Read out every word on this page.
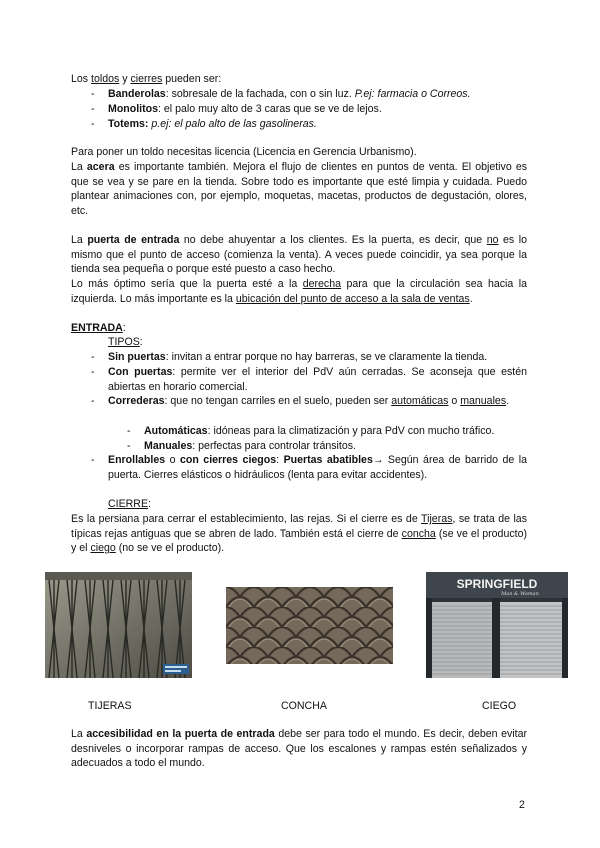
Los toldos y cierres pueden ser:

- Banderolas: sobresale de la fachada, con o sin luz. P.ej: farmacia o Correos.
- Monolitos: el palo muy alto de 3 caras que se ve de lejos.
- Totems: p.ej: el palo alto de las gasolineras.

Para poner un toldo necesitas licencia (Licencia en Gerencia Urbanismo).

La acera es importante también. Mejora el flujo de clientes en puntos de venta. El objetivo es que se vea y se pare en la tienda. Sobre todo es importante que esté limpia y cuidada. Puedo plantear animaciones con, por ejemplo, moquetas, macetas, productos de degustación, olores, etc.

La puerta de entrada no debe ahuyentar a los clientes. Es la puerta, es decir, que no es lo mismo que el punto de acceso (comienza la venta). A veces puede coincidir, ya sea porque la tienda sea pequeña o porque esté puesto a caso hecho.

Lo más óptimo sería que la puerta esté a la derecha para que la circulación sea hacia la izquierda. Lo más importante es la ubicación del punto de acceso a la sala de ventas.

ENTRADA:

TIPOS:

- Sin puertas: invitan a entrar porque no hay barreras, se ve claramente la tienda.
- Con puertas: permite ver el interior del PdV aún cerradas. Se aconseja que estén abiertas en horario comercial.
- Correderas: que no tengan carriles en el suelo, pueden ser automáticas o manuales.
- Automáticas: idóneas para la climatización y para PdV con mucho tráfico.
- Manuales: perfectas para controlar tránsitos.
- Enrollables o con cierres ciegos: Puertas abatibles→ Según área de barrido de la puerta. Cierres elásticos o hidráulicos (lenta para evitar accidentes).

CIERRE:

Es la persiana para cerrar el establecimiento, las rejas. Si el cierre es de Tijeras, se trata de las típicas rejas antiguas que se abren de lado. También está el cierre de concha (se ve el producto) y el ciego (no se ve el producto).

SPRINGFIELD
Man & Woman
TIJERAS	CONCHA	CIEGO

La accesibilidad en la puerta de entrada debe ser para todo el mundo. Es decir, deben evitar desniveles o incorporar rampas de acceso. Que los escalones y rampas estén señalizados y adecuados a todo el mundo.

2
